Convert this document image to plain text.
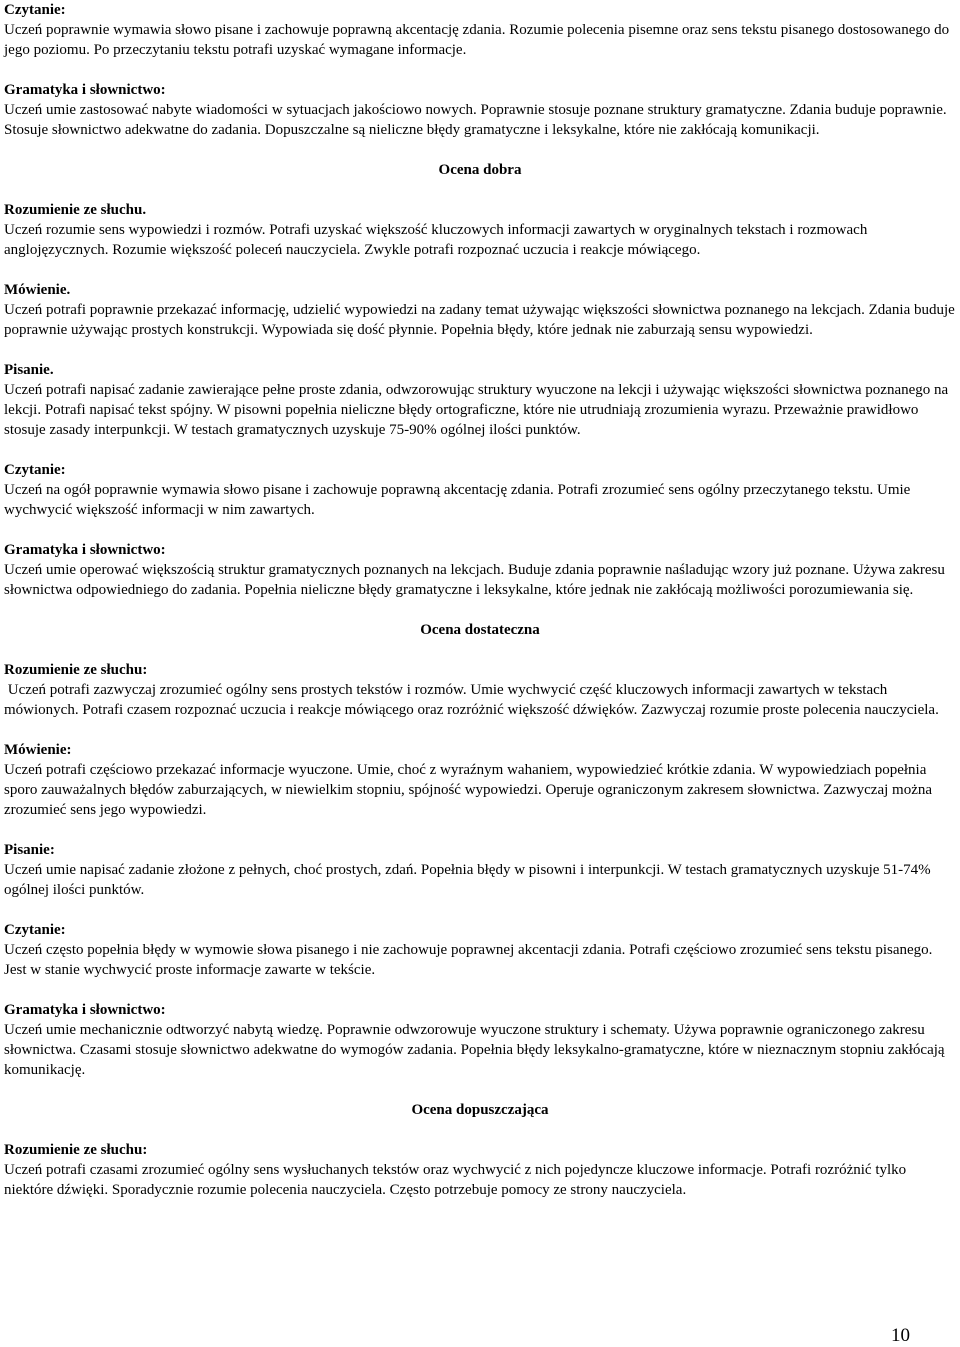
Czytanie:
Uczeń poprawnie wymawia słowo pisane i zachowuje poprawną akcentację zdania. Rozumie polecenia pisemne oraz sens tekstu pisanego dostosowanego do jego poziomu. Po przeczytaniu tekstu potrafi uzyskać wymagane informacje.
Gramatyka i słownictwo:
Uczeń umie zastosować nabyte wiadomości w sytuacjach jakościowo nowych. Poprawnie stosuje poznane struktury gramatyczne. Zdania buduje poprawnie. Stosuje słownictwo adekwatne do zadania. Dopuszczalne są nieliczne błędy gramatyczne i leksykalne, które nie zakłócają komunikacji.
Ocena dobra
Rozumienie ze słuchu.
Uczeń rozumie sens wypowiedzi i rozmów. Potrafi uzyskać większość kluczowych informacji zawartych w oryginalnych tekstach i rozmowach anglojęzycznych. Rozumie większość poleceń nauczyciela. Zwykle potrafi rozpoznać uczucia i reakcje mówiącego.
Mówienie.
Uczeń potrafi poprawnie przekazać informację, udzielić wypowiedzi na zadany temat używając większości słownictwa poznanego na lekcjach. Zdania buduje poprawnie używając prostych konstrukcji. Wypowiada się dość płynnie. Popełnia błędy, które jednak nie zaburzają sensu wypowiedzi.
Pisanie.
Uczeń potrafi napisać zadanie zawierające pełne proste zdania, odwzorowując struktury wyuczone na lekcji i używając większości słownictwa poznanego na lekcji. Potrafi napisać tekst spójny. W pisowni popełnia nieliczne błędy ortograficzne, które nie utrudniają zrozumienia wyrazu. Przeważnie prawidłowo stosuje zasady interpunkcji. W testach gramatycznych uzyskuje 75-90% ogólnej ilości punktów.
Czytanie:
Uczeń na ogół poprawnie wymawia słowo pisane i zachowuje poprawną akcentację zdania. Potrafi zrozumieć sens ogólny przeczytanego tekstu. Umie wychwycić większość informacji w nim zawartych.
Gramatyka i słownictwo:
Uczeń umie operować większością struktur gramatycznych poznanych na lekcjach. Buduje zdania poprawnie naśladując wzory już poznane. Używa zakresu słownictwa odpowiedniego do zadania. Popełnia nieliczne błędy gramatyczne i leksykalne, które jednak nie zakłócają możliwości porozumiewania się.
Ocena dostateczna
Rozumienie ze słuchu:
Uczeń potrafi zazwyczaj zrozumieć ogólny sens prostych tekstów i rozmów. Umie wychwycić część kluczowych informacji zawartych w tekstach mówionych. Potrafi czasem rozpoznać uczucia i reakcje mówiącego oraz rozróżnić większość dźwięków. Zazwyczaj rozumie proste polecenia nauczyciela.
Mówienie:
Uczeń potrafi częściowo przekazać informacje wyuczone. Umie, choć z wyraźnym wahaniem, wypowiedzieć krótkie zdania. W wypowiedziach popełnia sporo zauważalnych błędów zaburzających, w niewielkim stopniu, spójność wypowiedzi. Operuje ograniczonym zakresem słownictwa. Zazwyczaj można zrozumieć sens jego wypowiedzi.
Pisanie:
Uczeń umie napisać zadanie złożone z pełnych, choć prostych, zdań. Popełnia błędy w pisowni i interpunkcji. W testach gramatycznych uzyskuje 51-74% ogólnej ilości punktów.
Czytanie:
Uczeń często popełnia błędy w wymowie słowa pisanego i nie zachowuje poprawnej akcentacji zdania. Potrafi częściowo zrozumieć sens tekstu pisanego. Jest w stanie wychwycić proste informacje zawarte w tekście.
Gramatyka i słownictwo:
Uczeń umie mechanicznie odtworzyć nabytą wiedzę. Poprawnie odwzorowuje wyuczone struktury i schematy. Używa poprawnie ograniczonego zakresu słownictwa. Czasami stosuje słownictwo adekwatne do wymogów zadania. Popełnia błędy leksykalno-gramatyczne, które w nieznacznym stopniu zakłócają komunikację.
Ocena dopuszczająca
Rozumienie ze słuchu:
Uczeń potrafi czasami zrozumieć ogólny sens wysłuchanych tekstów oraz wychwycić z nich pojedyncze kluczowe informacje. Potrafi rozróżnić tylko niektóre dźwięki. Sporadycznie rozumie polecenia nauczyciela. Często potrzebuje pomocy ze strony nauczyciela.
10
